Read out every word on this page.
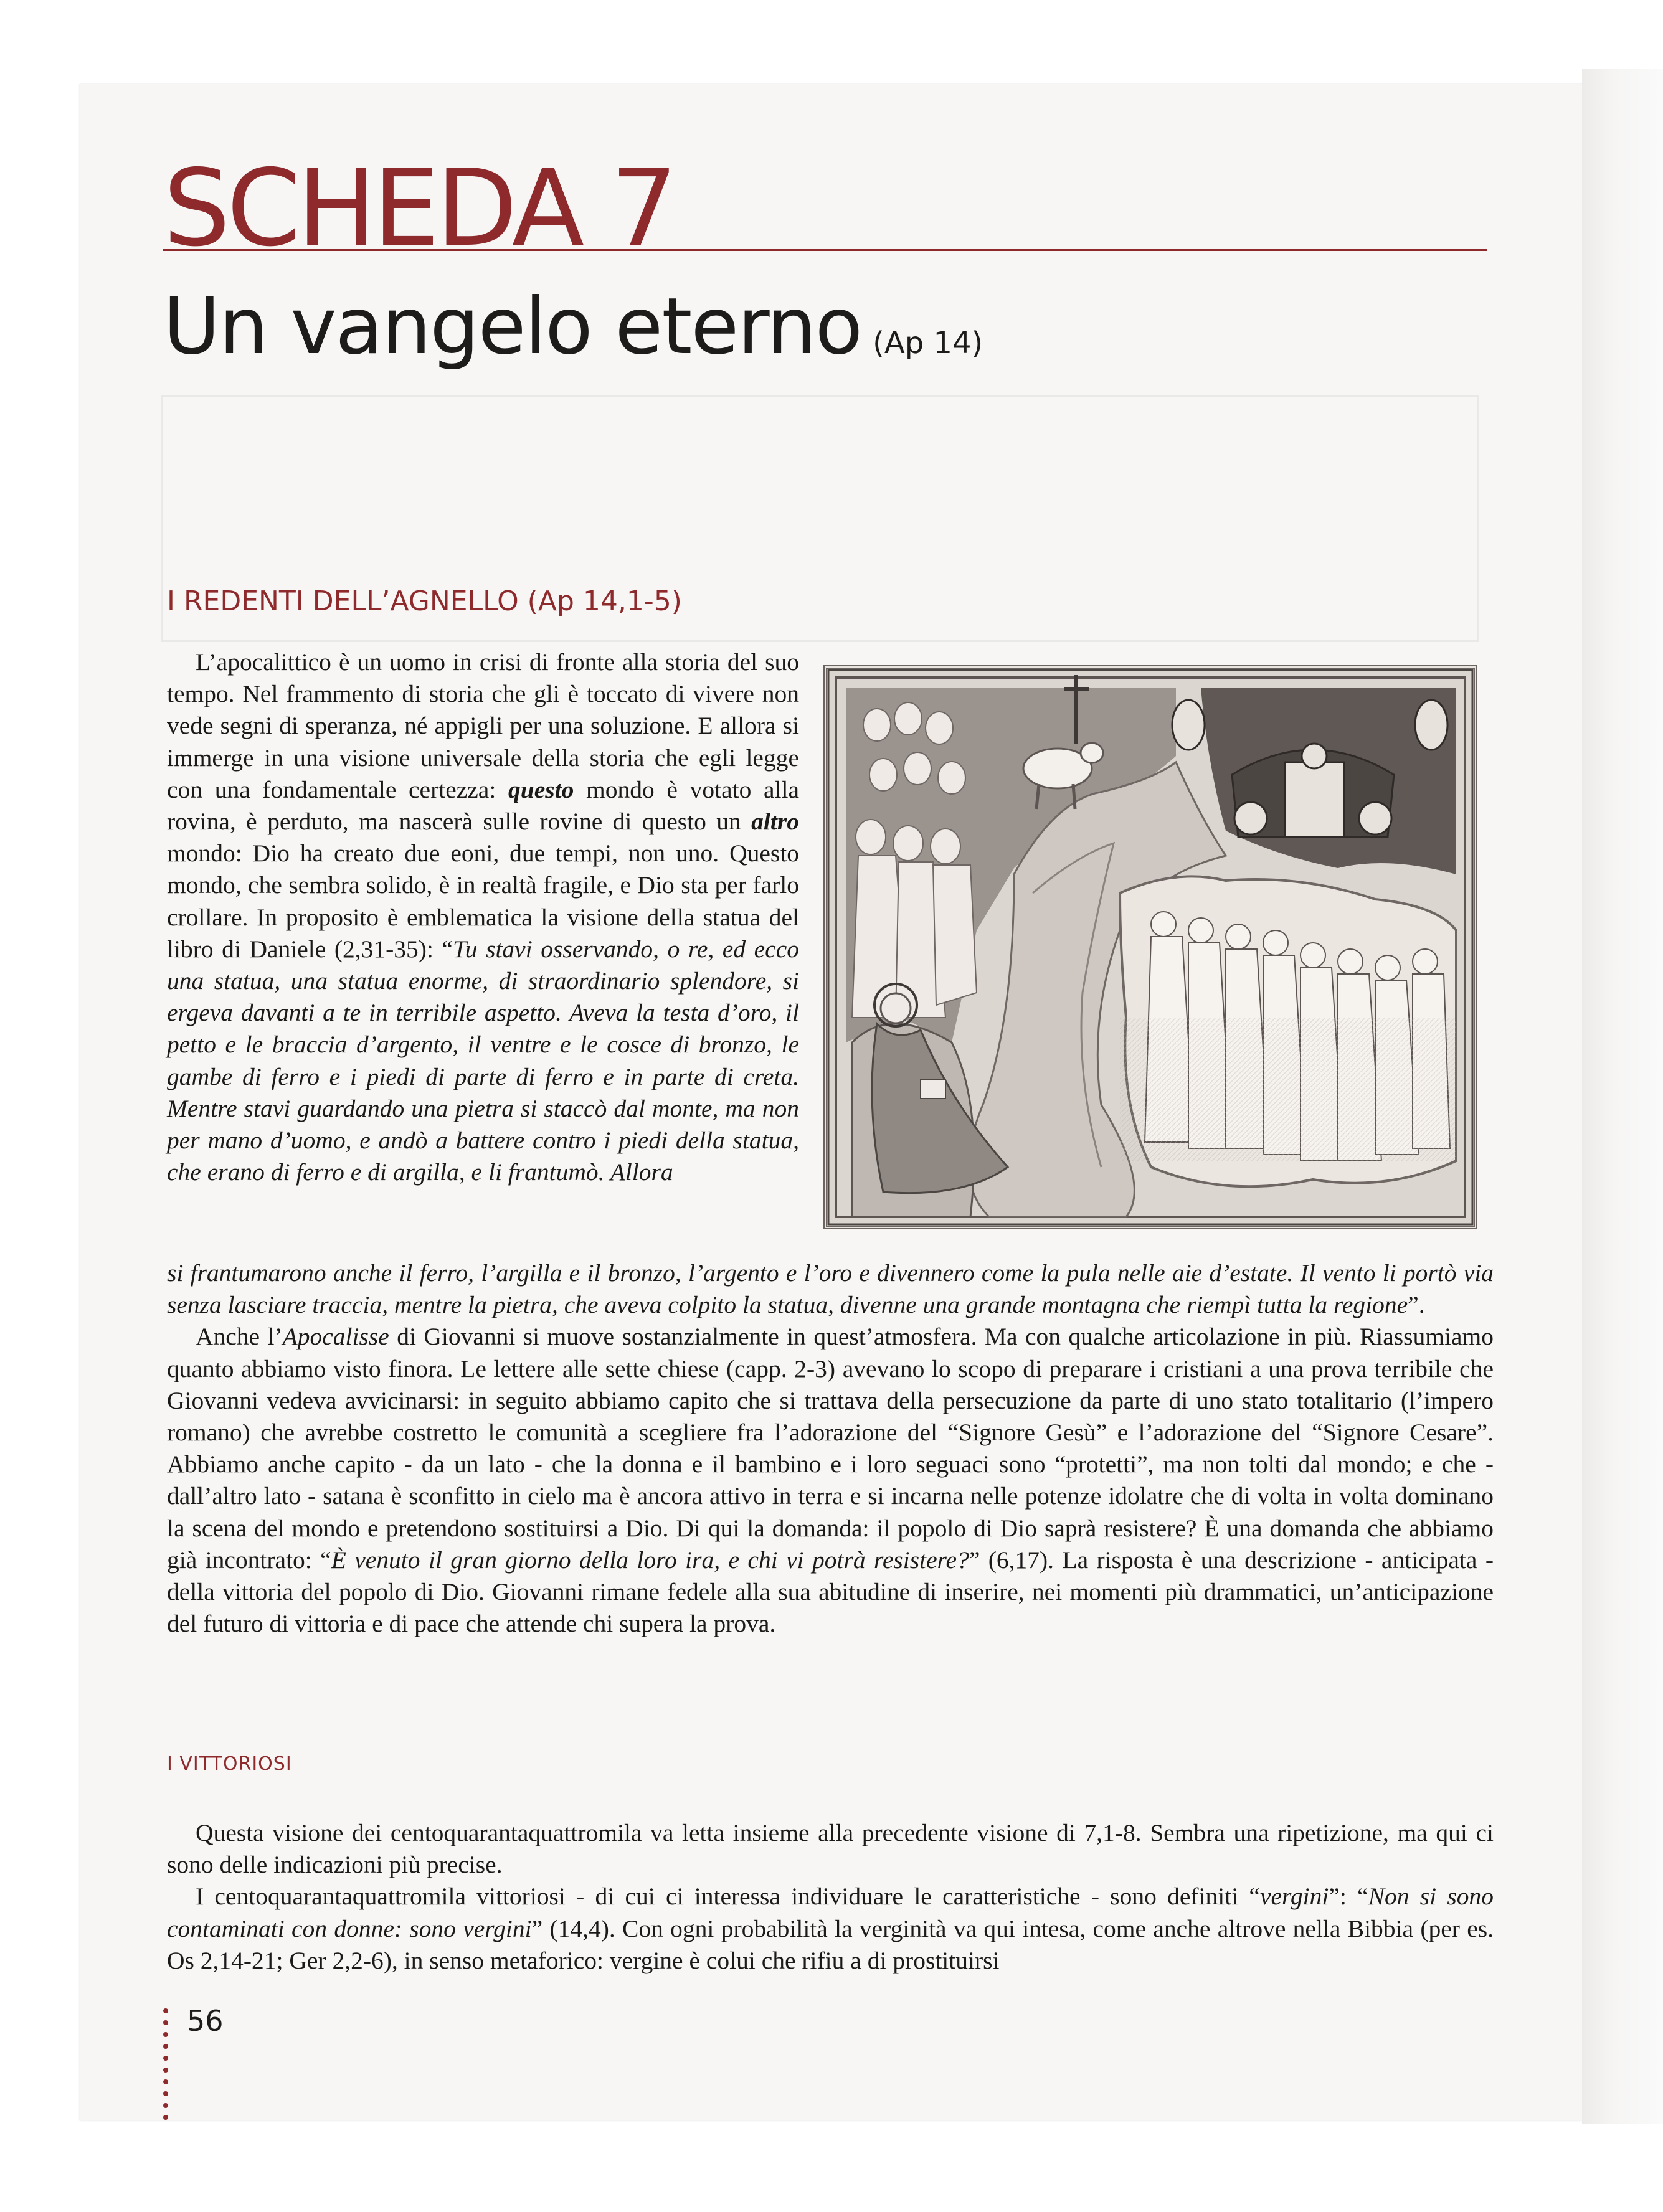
SCHEDA 7
Un vangelo eterno (Ap 14)
I REDENTI DELL’AGNELLO (Ap 14,1-5)

L’apocalittico è un uomo in crisi di fronte alla storia del suo tempo. Nel frammento di storia che gli è toccato di vivere non vede segni di speranza, né appigli per una soluzione. E allora si immerge in una visione universale della storia che egli legge con una fondamentale certezza: questo mondo è votato alla rovina, è perduto, ma nascerà sulle rovine di questo un altro mondo: Dio ha creato due eoni, due tempi, non uno. Questo mondo, che sembra solido, è in realtà fragile, e Dio sta per farlo crollare. In proposito è emblematica la visione della statua del libro di Daniele (2,31-35): “Tu stavi osservando, o re, ed ecco una statua, una statua enorme, di straordinario splendore, si ergeva davanti a te in terribile aspetto. Aveva la testa d’oro, il petto e le braccia d’argento, il ventre e le cosce di bronzo, le gambe di ferro e i piedi di parte di ferro e in parte di creta. Mentre stavi guardando una pietra si staccò dal monte, ma non per mano d’uomo, e andò a battere contro i piedi della statua, che erano di ferro e di argilla, e li frantumò. Allora

si frantumarono anche il ferro, l’argilla e il bronzo, l’argento e l’oro e divennero come la pula nelle aie d’estate. Il vento li portò via senza lasciare traccia, mentre la pietra, che aveva colpito la statua, divenne una grande montagna che riempì tutta la regione”.

Anche l’Apocalisse di Giovanni si muove sostanzialmente in quest’atmosfera. Ma con qualche articolazione in più. Riassumiamo quanto abbiamo visto finora. Le lettere alle sette chiese (capp. 2-3) avevano lo scopo di preparare i cristiani a una prova terribile che Giovanni vedeva avvicinarsi: in seguito abbiamo capito che si trattava della persecuzione da parte di uno stato totalitario (l’impero romano) che avrebbe costretto le comunità a scegliere fra l’adorazione del “Signore Gesù” e l’adorazione del “Signore Cesare”. Abbiamo anche capito - da un lato - che la donna e il bambino e i loro seguaci sono “protetti”, ma non tolti dal mondo; e che - dall’altro lato - satana è sconfitto in cielo ma è ancora attivo in terra e si incarna nelle potenze idolatre che di volta in volta dominano la scena del mondo e pretendono sostituirsi a Dio. Di qui la domanda: il popolo di Dio saprà resistere? È una domanda che abbiamo già incontrato: “È venuto il gran giorno della loro ira, e chi vi potrà resistere?” (6,17). La risposta è una descrizione - anticipata - della vittoria del popolo di Dio. Giovanni rimane fedele alla sua abitudine di inserire, nei momenti più drammatici, un’anticipazione del futuro di vittoria e di pace che attende chi supera la prova.

I VITTORIOSI

Questa visione dei centoquarantaquattromila va letta insieme alla precedente visione di 7,1-8. Sembra una ripetizione, ma qui ci sono delle indicazioni più precise.

I centoquarantaquattromila vittoriosi - di cui ci interessa individuare le caratteristiche - sono definiti “vergini”: “Non si sono contaminati con donne: sono vergini” (14,4). Con ogni probabilità la verginità va qui intesa, come anche altrove nella Bibbia (per es. Os 2,14-21; Ger 2,2-6), in senso metaforico: vergine è colui che rifiu a di prostituirsi

56
